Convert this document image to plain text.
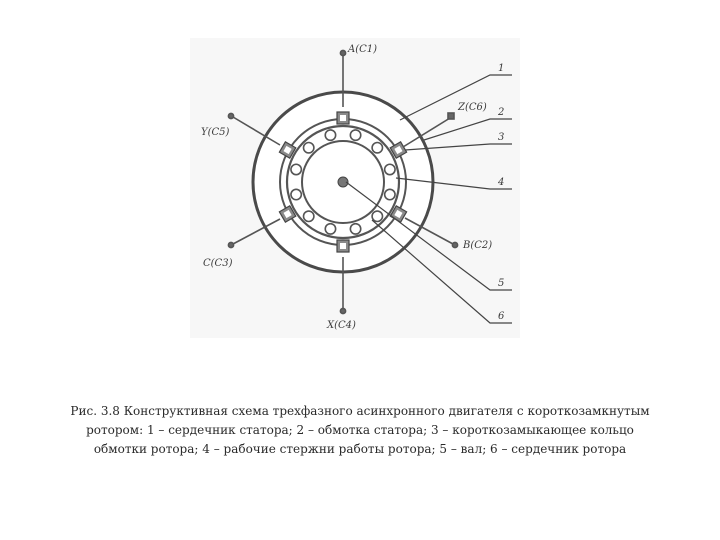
A(C1)
Y(C5)
Z(C6)
C(C3)
B(C2)
X(C4)
1
2
3
4
5
6
Рис. 3.8 Конструктивная схема трехфазного асинхронного двигателя с короткозамкнутым
ротором: 1 – сердечник статора; 2 – обмотка статора; 3 – короткозамыкающее кольцо
обмотки ротора; 4 – рабочие стержни работы ротора; 5 – вал; 6 – сердечник ротора
